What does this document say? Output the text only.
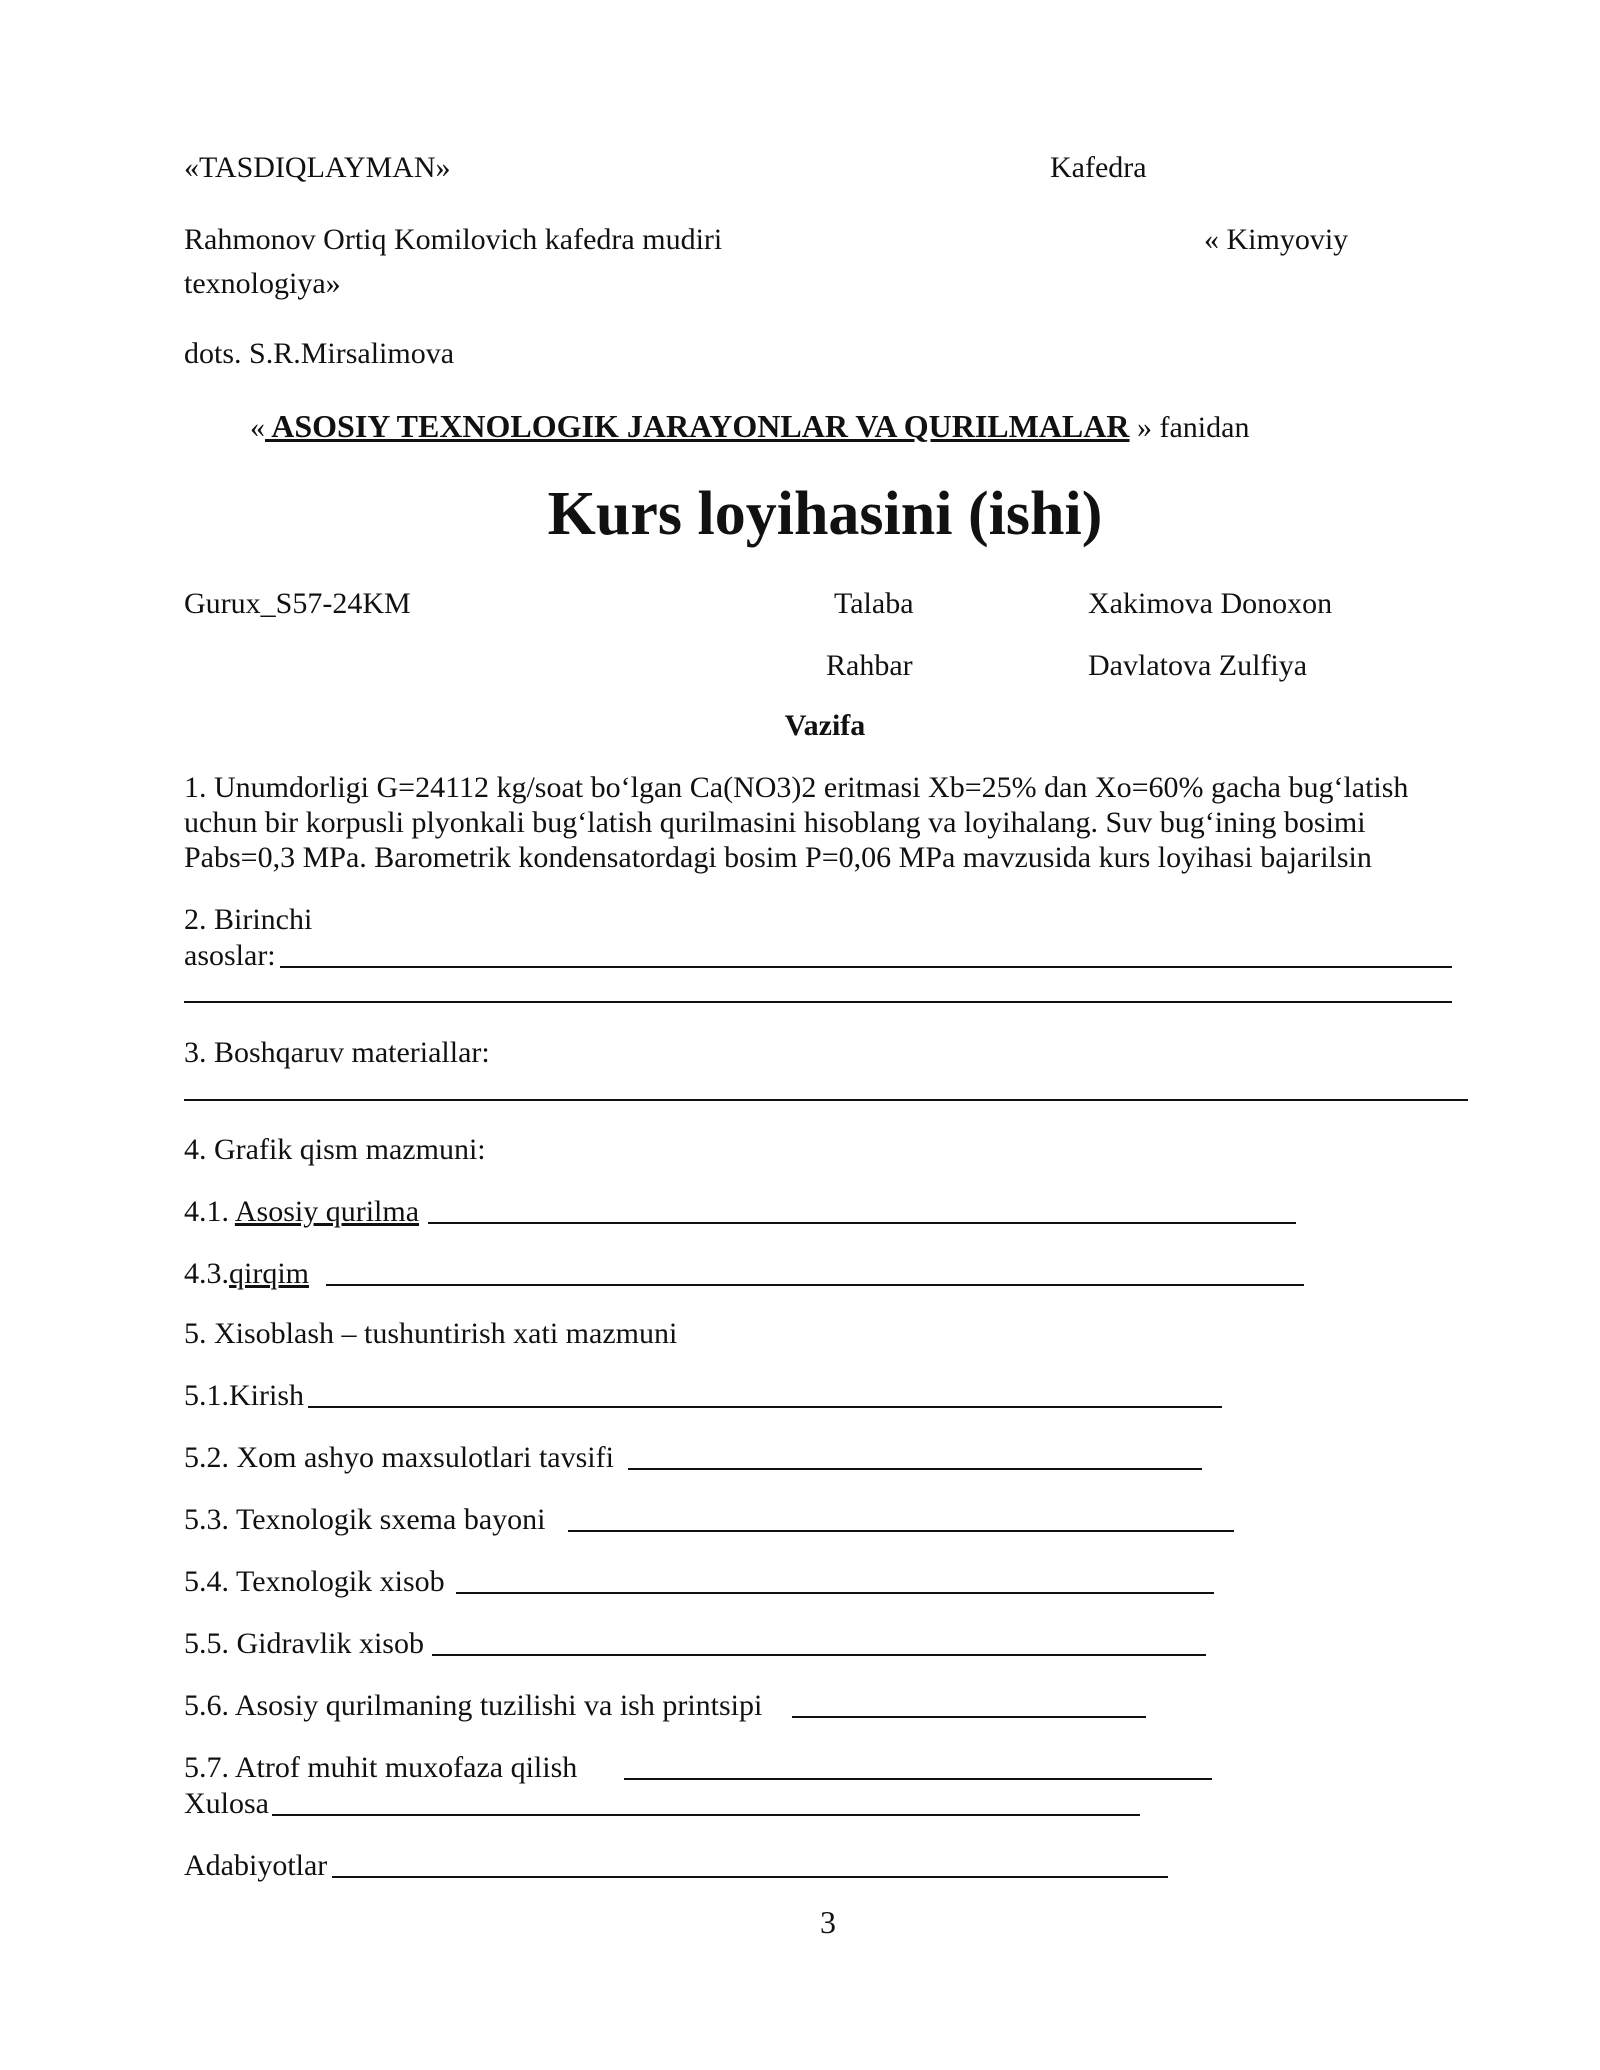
«TASDIQLAYMAN»	Kafedra
Rahmonov Ortiq Komilovich kafedra mudiri	« Kimyoviy
texnologiya»
dots. S.R.Mirsalimova
« ASOSIY TEXNOLOGIK JARAYONLAR VA QURILMALAR » fanidan
Kurs loyihasini (ishi)
Gurux_S57-24KM	Talaba	Xakimova Donoxon
Rahbar	Davlatova Zulfiya
Vazifa
1. Unumdorligi G=24112 kg/soat bo‘lgan Ca(NO3)2 eritmasi Xb=25% dan Xo=60% gacha bug‘latish
uchun bir korpusli plyonkali bug‘latish qurilmasini hisoblang va loyihalang. Suv bug‘ining bosimi
Pabs=0,3 MPa. Barometrik kondensatordagi bosim P=0,06 MPa mavzusida kurs loyihasi bajarilsin
2. Birinchi
asoslar:
3. Boshqaruv materiallar:
4. Grafik qism mazmuni:
4.1. Asosiy qurilma
4.3.qirqim
5. Xisoblash – tushuntirish xati mazmuni
5.1.Kirish
5.2. Xom ashyo maxsulotlari tavsifi
5.3. Texnologik sxema bayoni
5.4. Texnologik xisob
5.5. Gidravlik xisob
5.6. Asosiy qurilmaning tuzilishi va ish printsipi
5.7. Atrof muhit muxofaza qilish
Xulosa
Adabiyotlar
3
